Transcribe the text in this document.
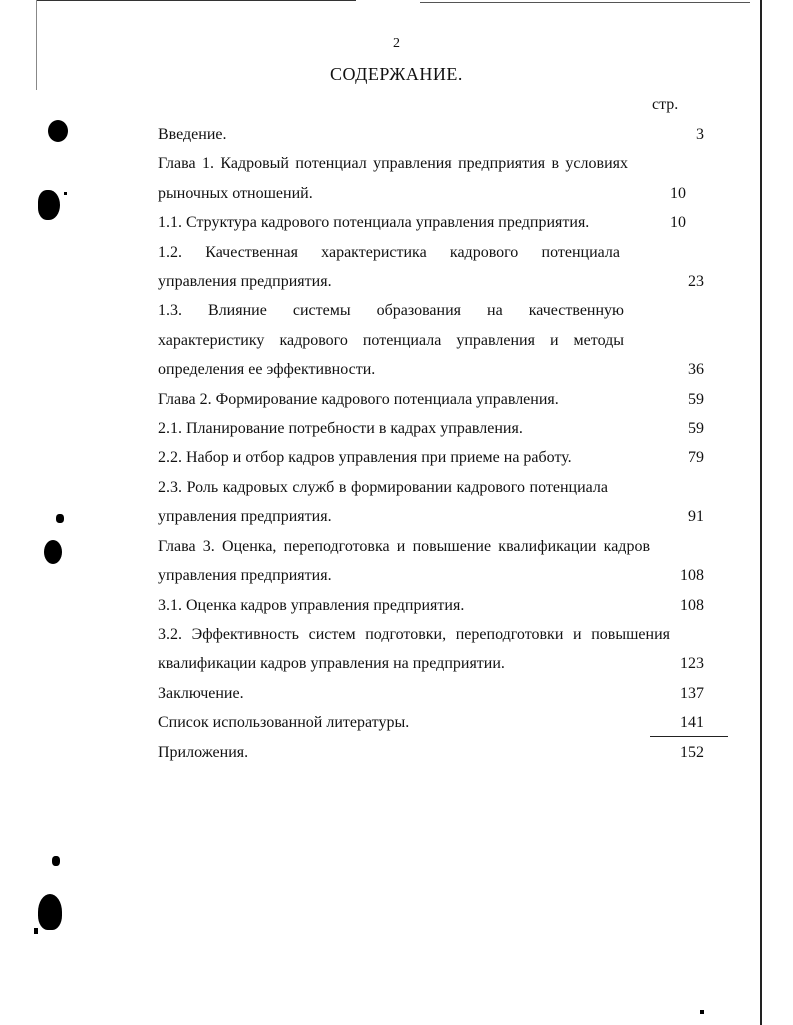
2
СОДЕРЖАНИЕ.
стр.
Введение.	3
Глава 1. Кадровый потенциал управления предприятия в условиях рыночных отношений.	10
1.1. Структура кадрового потенциала управления предприятия.	10
1.2. Качественная характеристика кадрового потенциала управления предприятия.	23
1.3. Влияние системы образования на качественную характеристику кадрового потенциала управления и методы определения ее эффективности.	36
Глава 2. Формирование кадрового потенциала управления.	59
2.1. Планирование потребности в кадрах управления.	59
2.2. Набор и отбор кадров управления при приеме на работу.	79
2.3. Роль кадровых служб в формировании кадрового потенциала управления предприятия.	91
Глава 3. Оценка, переподготовка и повышение квалификации кадров управления предприятия.	108
3.1. Оценка кадров управления предприятия.	108
3.2. Эффективность систем подготовки, переподготовки и повышения квалификации кадров управления на предприятии.	123
Заключение.	137
Список использованной литературы.	141
Приложения.	152
